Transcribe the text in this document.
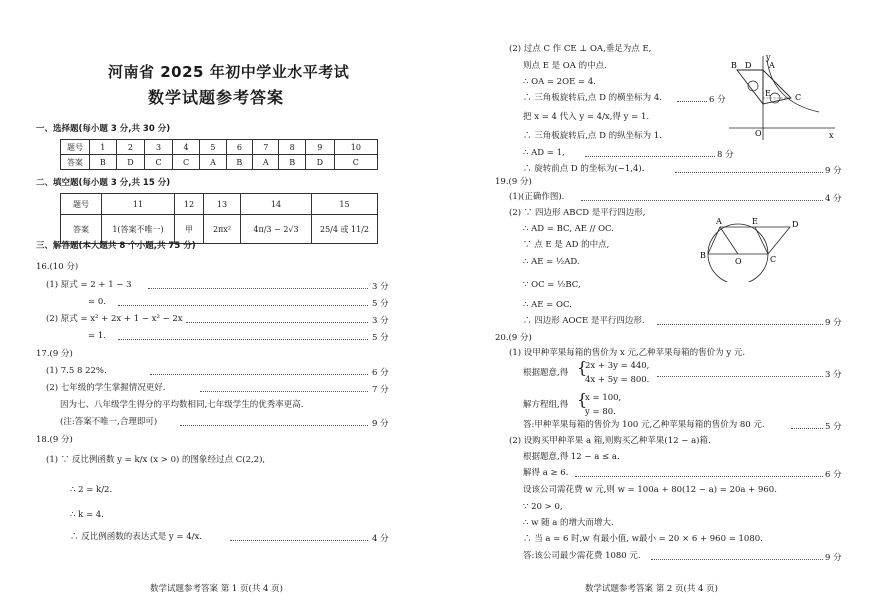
河南省 2025 年初中学业水平考试
数学试题参考答案
一、选择题(每小题 3 分,共 30 分)
题号	1	2	3	4	5	6	7	8	9	10
答案	B	D	C	C	A	B	A	B	D	C
二、填空题(每小题 3 分,共 15 分)
题号	11	12	13	14	15
答案	1(答案不唯一)	甲	2πx²	4π/3 − 2√3	25/4 或 11/2
三、解答题(本大题共 8 个小题,共 75 分)
16.(10 分)
(1) 原式 = 2 + 1 − 3	3 分
= 0.	5 分
(2) 原式 = x² + 2x + 1 − x² − 2x	3 分
= 1.	5 分
17.(9 分)
(1) 7.5 8 22%.	6 分
(2) 七年级的学生掌握情况更好.	7 分
因为七、八年级学生得分的平均数相同,七年级学生的优秀率更高.
(注:答案不唯一,合理即可)	9 分
18.(9 分)
(1) ∵ 反比例函数 y = k/x (x > 0) 的图象经过点 C(2,2),
∴ 2 = k/2.
∴ k = 4.
∴ 反比例函数的表达式是 y = 4/x.	4 分
数学试题参考答案 第 1 页(共 4 页)
(2) 过点 C 作 CE ⊥ OA,垂足为点 E,
则点 E 是 OA 的中点.
∴ OA = 2OE = 4.
∴ 三角板旋转后,点 D 的横坐标为 4.	6 分
把 x = 4 代入 y = 4/x,得 y = 1.
∴ 三角板旋转后,点 D 的纵坐标为 1.
∴ AD = 1,	8 分
∴ 旋转前点 D 的坐标为(−1,4).	9 分
B D A
E	C
O	x
y
19.(9 分)
(1)(正确作图).	4 分
(2) ∵ 四边形 ABCD 是平行四边形,
∴ AD = BC, AE // OC.
∵ 点 E 是 AD 的中点,
∴ AE = ½AD.
∵ OC = ½BC,
∴ AE = OC.
∴ 四边形 AOCE 是平行四边形.	9 分
A	E	D
B
O	C
20.(9 分)
(1) 设甲种苹果每箱的售价为 x 元,乙种苹果每箱的售价为 y 元.
根据题意,得 {
2x + 3y = 440,
4x + 5y = 800.	3 分
解方程组,得 {
x = 100,
y = 80.
答:甲种苹果每箱的售价为 100 元,乙种苹果每箱的售价为 80 元.	5 分
(2) 设购买甲种苹果 a 箱,则购买乙种苹果(12 − a)箱.
根据题意,得 12 − a ≤ a.
解得 a ≥ 6.	6 分
设该公司需花费 w 元,则 w = 100a + 80(12 − a) = 20a + 960.
∵ 20 > 0,
∴ w 随 a 的增大而增大.
∴ 当 a = 6 时,w 有最小值, w最小 = 20 × 6 + 960 = 1080.
答:该公司最少需花费 1080 元.	9 分
数学试题参考答案 第 2 页(共 4 页)
